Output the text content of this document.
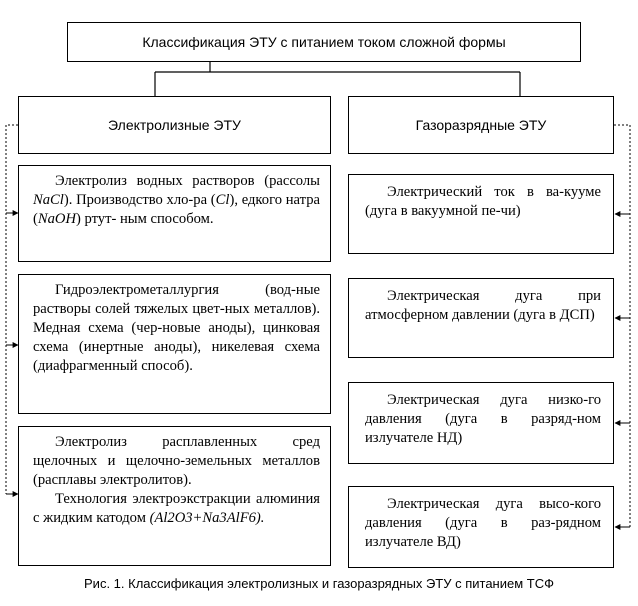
Классификация ЭТУ с питанием током сложной формы
Электролизные ЭТУ	Газоразрядные ЭТУ

Электролиз водных растворов (рассолы NaCl). Производство хло-ра (Cl), едкого натра (NaOH) ртут- ным способом.

Гидроэлектрометаллургия (вод-ные растворы солей тяжелых цвет-ных металлов). Медная схема (чер-новые аноды), цинковая схема (инертные аноды), никелевая схема (диафрагменный способ).

Электролиз расплавленных сред щелочных и щелочно-земельных металлов (расплавы электролитов).

Технология электроэкстракции алюминия с жидким катодом (Al2O3+Na3AlF6).

Электрический ток в ва-кууме (дуга в вакуумной пе-чи)

Электрическая дуга при атмосферном давлении (дуга в ДСП)

Электрическая дуга низко-го давления (дуга в разряд-ном излучателе НД)

Электрическая дуга высо-кого давления (дуга в раз-рядном излучателе ВД)

Рис. 1. Классификация электролизных и газоразрядных ЭТУ с питанием ТСФ
